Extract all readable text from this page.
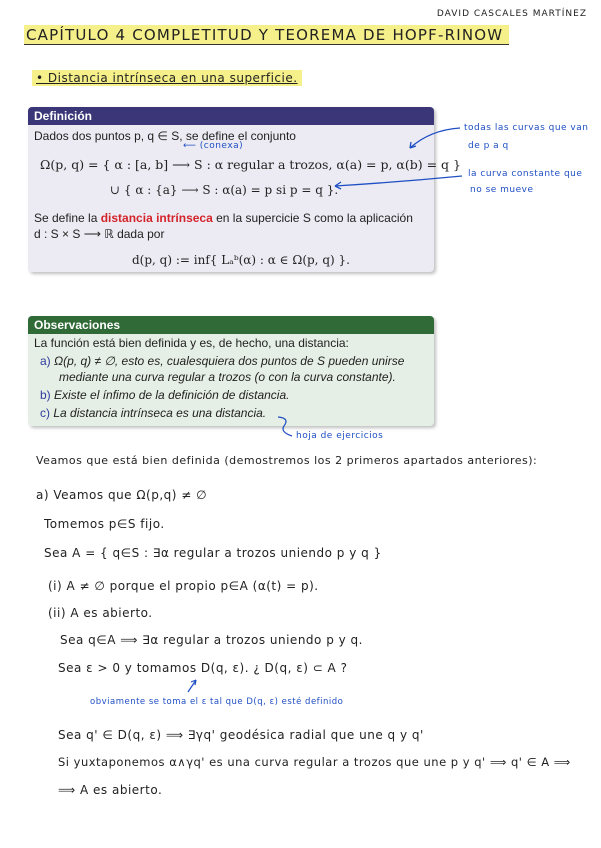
DAVID CASCALES MARTÍNEZ
CAPÍTULO 4 COMPLETITUD Y TEOREMA DE HOPF-RINOW
• Distancia intrínseca en una superficie.
Definición
Dados dos puntos p, q ∈ S, se define el conjunto
Ω(p, q) = { α : [a, b] ⟶ S : α regular a trozos, α(a) = p, α(b) = q }
∪ { α : {a} ⟶ S : α(a) = p si p = q }.
Se define la distancia intrínseca en la supercicie S como la aplicación
d : S × S ⟶ ℝ dada por
d(p, q) := inf{ Lₐᵇ(α) : α ∈ Ω(p, q) }.
Observaciones
La función está bien definida y es, de hecho, una distancia:
a) Ω(p, q) ≠ ∅, esto es, cualesquiera dos puntos de S pueden unirse
mediante una curva regular a trozos (o con la curva constante).
b) Existe el ínfimo de la definición de distancia.
c) La distancia intrínseca es una distancia.
⟵ (conexa)
todas las curvas que van
de p a q
la curva constante que
no se mueve
hoja de ejercicios
obviamente se toma el ε tal que D(q, ε) esté definido
Veamos que está bien definida (demostremos los 2 primeros apartados anteriores):
a) Veamos que Ω(p,q) ≠ ∅
Tomemos p∈S fijo.
Sea A = { q∈S : ∃α regular a trozos uniendo p y q }
(i) A ≠ ∅ porque el propio p∈A (α(t) = p).
(ii) A es abierto.
Sea q∈A ⟹ ∃α regular a trozos uniendo p y q.
Sea ε > 0 y tomamos D(q, ε). ¿ D(q, ε) ⊂ A ?
Sea q' ∈ D(q, ε) ⟹ ∃γq' geodésica radial que une q y q'
Si yuxtaponemos α∧γq' es una curva regular a trozos que une p y q' ⟹ q' ∈ A ⟹
⟹ A es abierto.
